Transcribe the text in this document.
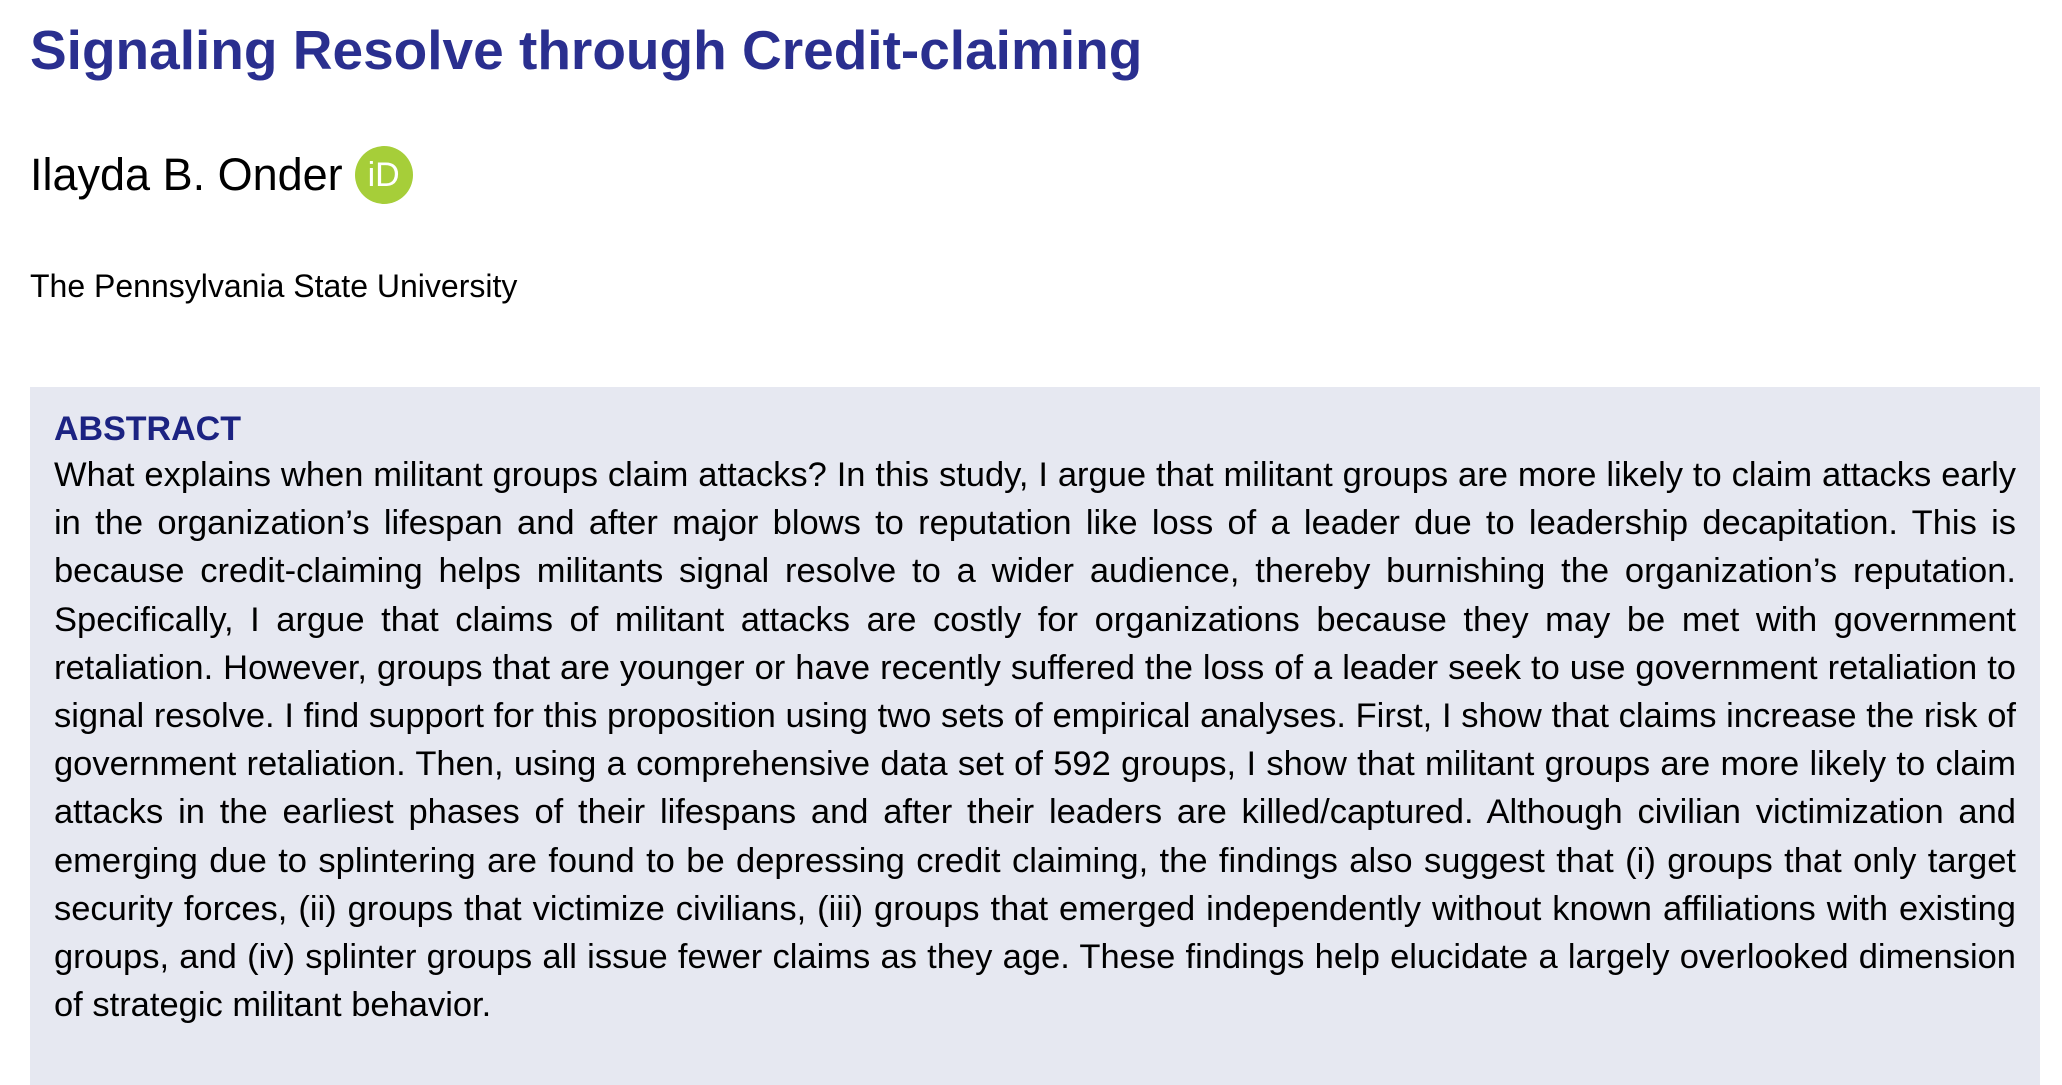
Signaling Resolve through Credit-claiming
Ilayda B. Onder iD
The Pennsylvania State University
ABSTRACT

What explains when militant groups claim attacks? In this study, I argue that militant groups are more likely to claim attacks early in the organization’s lifespan and after major blows to reputation like loss of a leader due to leadership decapitation. This is because credit-claiming helps militants signal resolve to a wider audience, thereby burnishing the organization’s reputation. Specifically, I argue that claims of militant attacks are costly for organizations because they may be met with government retaliation. However, groups that are younger or have recently suffered the loss of a leader seek to use government retaliation to signal resolve. I find support for this proposition using two sets of empirical analyses. First, I show that claims increase the risk of government retaliation. Then, using a comprehensive data set of 592 groups, I show that militant groups are more likely to claim attacks in the earliest phases of their lifespans and after their leaders are killed/captured. Although civilian victimization and emerging due to splintering are found to be depressing credit claiming, the findings also suggest that (i) groups that only target security forces, (ii) groups that victimize civilians, (iii) groups that emerged independently without known affiliations with existing groups, and (iv) splinter groups all issue fewer claims as they age. These findings help elucidate a largely overlooked dimension of strategic militant behavior.
